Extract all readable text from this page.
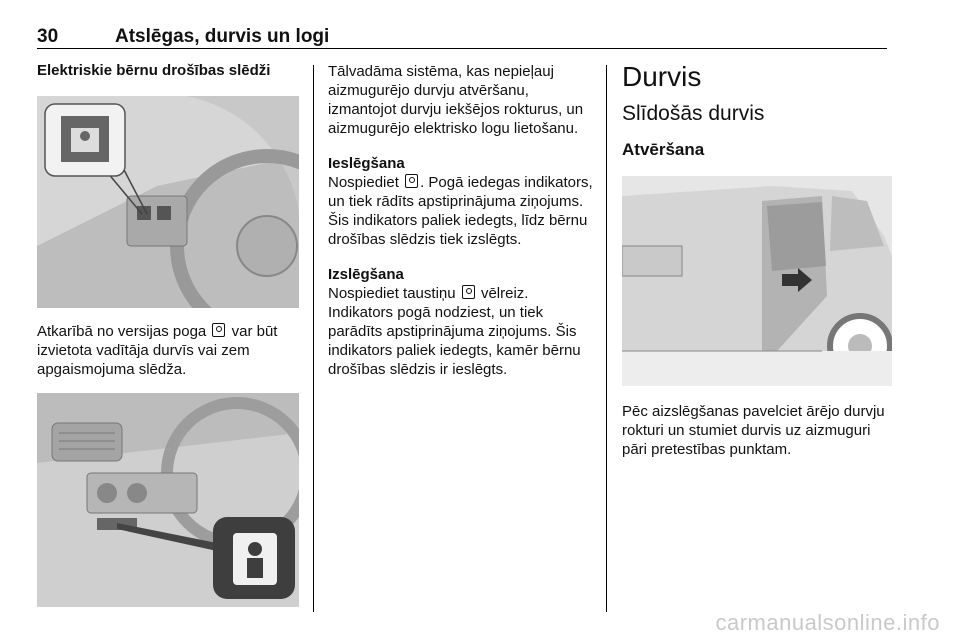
30	Atslēgas, durvis un logi
Elektriskie bērnu drošības slēdži

Atkarībā no versijas poga var būt izvietota vadītāja durvīs vai zem apgaismojuma slēdža.

Tālvadāma sistēma, kas nepieļauj aizmugurējo durvju atvēršanu, izmantojot durvju iekšējos rokturus, un aizmugurējo elektrisko logu lietošanu.

Ieslēgšana

Nospiediet . Pogā iedegas indikators, un tiek rādīts apstiprinājuma ziņojums. Šis indikators paliek iedegts, līdz bērnu drošības slēdzis tiek izslēgts.

Izslēgšana

Nospiediet taustiņu vēlreiz. Indikators pogā nodziest, un tiek parādīts apstiprinājuma ziņojums. Šis indikators paliek iedegts, kamēr bērnu drošības slēdzis ir ieslēgts.

Durvis
Slīdošās durvis
Atvēršana

Pēc aizslēgšanas pavelciet ārējo durvju rokturi un stumiet durvis uz aizmuguri pāri pretestības punktam.

carmanualsonline.info
